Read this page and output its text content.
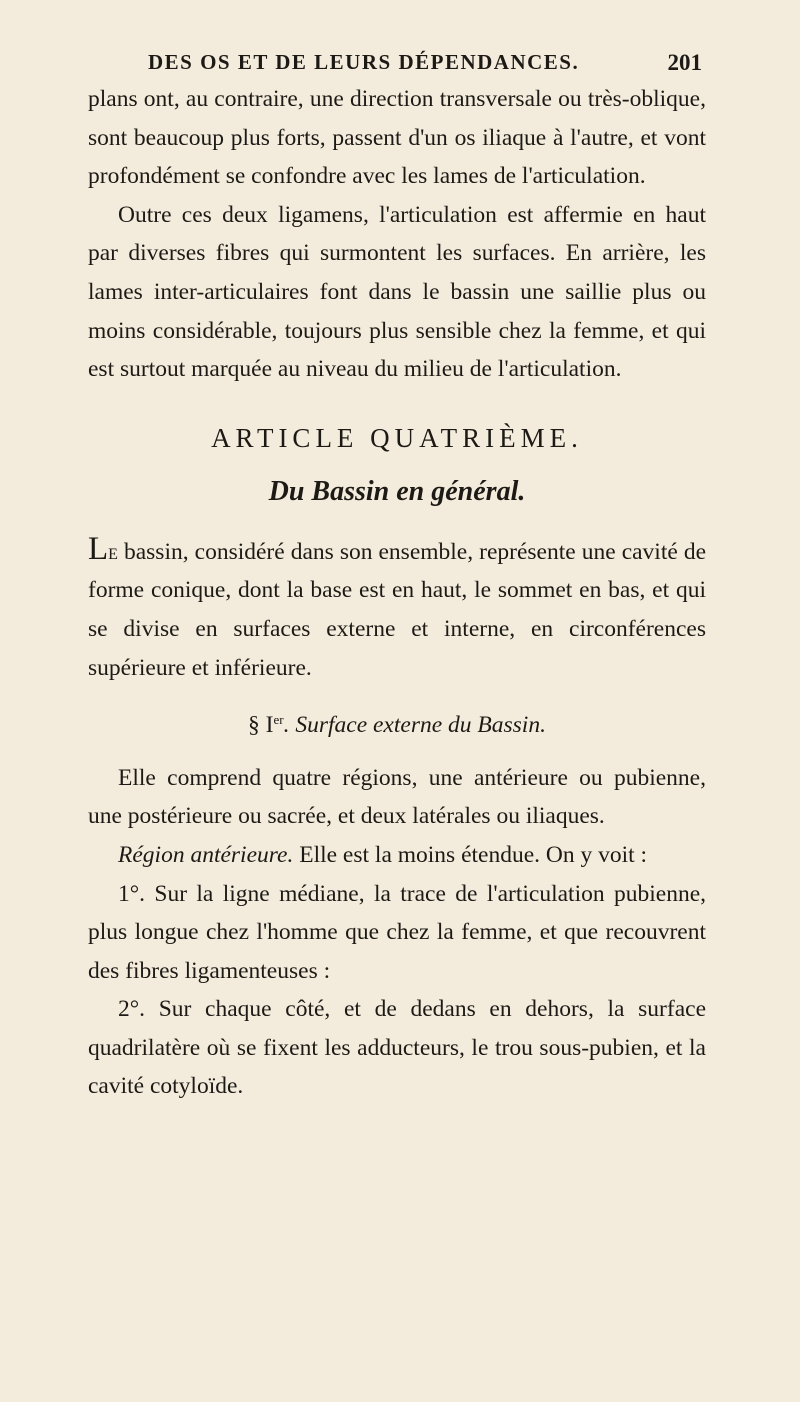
DES OS ET DE LEURS DÉPENDANCES.	201

plans ont, au contraire, une direction transversale ou très-oblique, sont beaucoup plus forts, passent d'un os iliaque à l'autre, et vont profondément se confondre avec les lames de l'articulation.

Outre ces deux ligamens, l'articulation est affermie en haut par diverses fibres qui surmontent les surfaces. En arrière, les lames inter-articulaires font dans le bassin une saillie plus ou moins considérable, toujours plus sensible chez la femme, et qui est surtout marquée au niveau du milieu de l'articulation.

ARTICLE QUATRIÈME.

Du Bassin en général.

Le bassin, considéré dans son ensemble, représente une cavité de forme conique, dont la base est en haut, le sommet en bas, et qui se divise en surfaces externe et interne, en circonférences supérieure et inférieure.

§ Ier. Surface externe du Bassin.

Elle comprend quatre régions, une antérieure ou pubienne, une postérieure ou sacrée, et deux latérales ou iliaques.

Région antérieure. Elle est la moins étendue. On y voit :

1°. Sur la ligne médiane, la trace de l'articulation pubienne, plus longue chez l'homme que chez la femme, et que recouvrent des fibres ligamenteuses :

2°. Sur chaque côté, et de dedans en dehors, la surface quadrilatère où se fixent les adducteurs, le trou sous-pubien, et la cavité cotyloïde.
